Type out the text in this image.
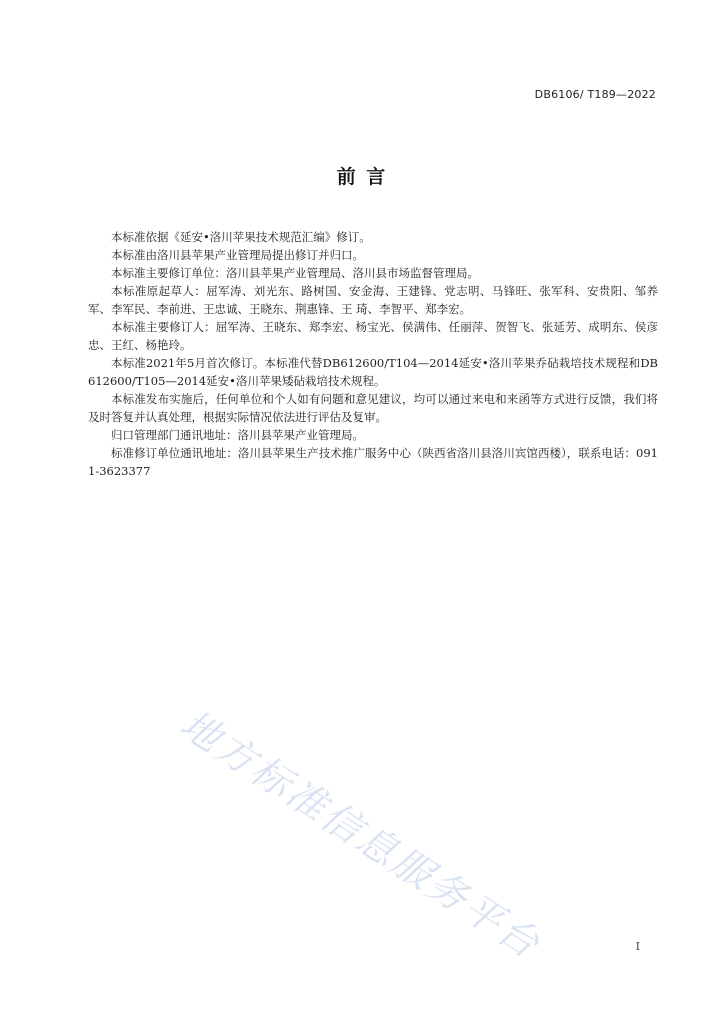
DB6106/ T189—2022
前 言

本标准依据《延安•洛川苹果技术规范汇编》修订。

本标准由洛川县苹果产业管理局提出修订并归口。

本标准主要修订单位：洛川县苹果产业管理局、洛川县市场监督管理局。

本标准原起草人：屈军涛、刘光东、路树国、安金海、王建锋、党志明、马锋旺、张军科、安贵阳、邹养军、李军民、李前进、王忠诚、王晓东、荆惠锋、王 琦、李智平、郑李宏。

本标准主要修订人：屈军涛、王晓东、郑李宏、杨宝光、侯满伟、任丽萍、贺智飞、张延芳、成明东、侯彦忠、王红、杨艳玲。

本标准2021年5月首次修订。本标准代替DB612600/T104—2014延安•洛川苹果乔砧栽培技术规程和DB612600/T105—2014延安•洛川苹果矮砧栽培技术规程。

本标准发布实施后，任何单位和个人如有问题和意见建议，均可以通过来电和来函等方式进行反馈，我们将及时答复并认真处理，根据实际情况依法进行评估及复审。

归口管理部门通讯地址：洛川县苹果产业管理局。

标准修订单位通讯地址：洛川县苹果生产技术推广服务中心（陕西省洛川县洛川宾馆西楼），联系电话：0911-3623377

地方标准信息服务平台	I
